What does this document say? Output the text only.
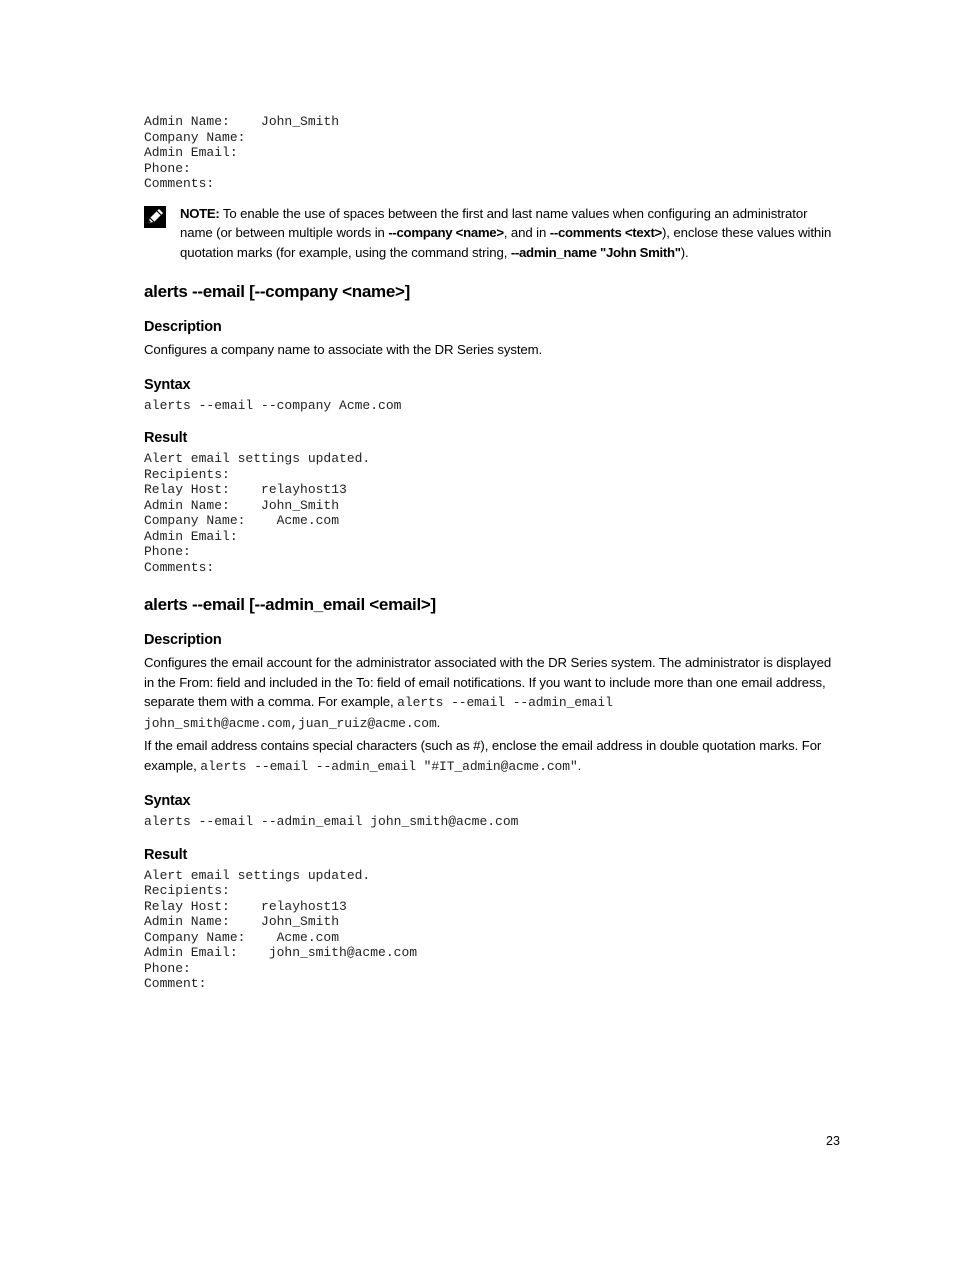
Admin Name:    John_Smith
Company Name:
Admin Email:
Phone:
Comments:
NOTE: To enable the use of spaces between the first and last name values when configuring an administrator name (or between multiple words in --company <name>, and in --comments <text>), enclose these values within quotation marks (for example, using the command string, --admin_name "John Smith").
alerts --email [--company <name>]
Description

Configures a company name to associate with the DR Series system.

Syntax
alerts --email --company Acme.com
Result
Alert email settings updated.
Recipients:
Relay Host:    relayhost13
Admin Name:    John_Smith
Company Name:    Acme.com
Admin Email:
Phone:
Comments:
alerts --email [--admin_email <email>]
Description

Configures the email account for the administrator associated with the DR Series system. The administrator is displayed in the From: field and included in the To: field of email notifications. If you want to include more than one email address, separate them with a comma. For example, alerts --email --admin_email john_smith@acme.com,juan_ruiz@acme.com.

If the email address contains special characters (such as #), enclose the email address in double quotation marks. For example, alerts --email --admin_email "#IT_admin@acme.com".

Syntax
alerts --email --admin_email john_smith@acme.com
Result
Alert email settings updated.
Recipients:
Relay Host:    relayhost13
Admin Name:    John_Smith
Company Name:    Acme.com
Admin Email:    john_smith@acme.com
Phone:
Comment:
23
